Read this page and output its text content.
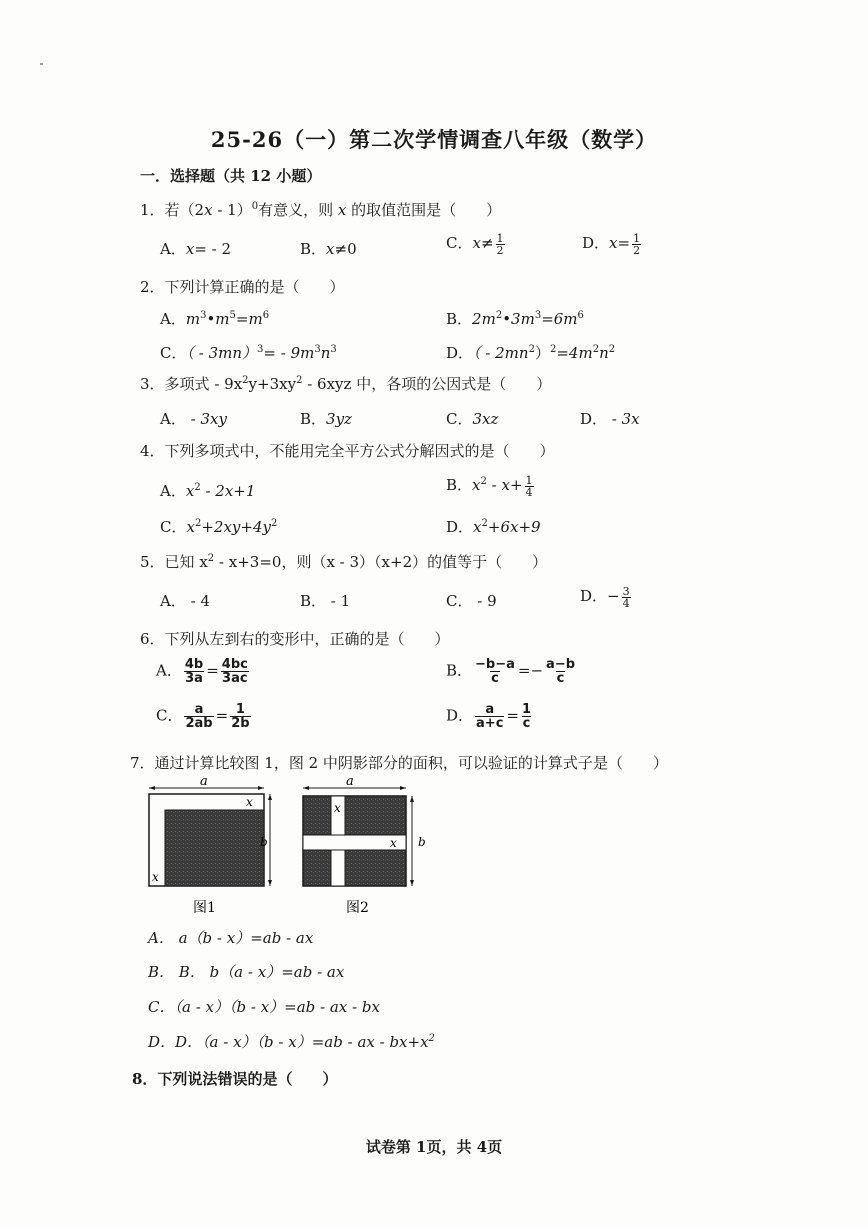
25-26（一）第二次学情调查八年级（数学）
一．选择题（共 12 小题）
1．若（2x - 1）$^0$有意义，则 x 的取值范围是（　　）
A．x= - 2	B．x≠0	C．$x\ne \frac{1}{2}$	D．$x= \frac{1}{2}$
2．下列计算正确的是（　　）
A．$m^3•m^5=m^6$	B．$2m^2•3m^3=6m^6$
C．（ - $3mn)^3= - 9m^3n^3$	D．（ - $2mn^2)^2=4m^2n^2$
3．多项式 - $9x^2y+3xy^2 - 6xyz$ 中，各项的公因式是（　　）
A． - 3xy	B．3yz	C．3xz	D． - 3x
4．下列多项式中，不能用完全平方公式分解因式的是（　　）
A．$x^2 - 2x+1$	B．$x^2 - x+ \frac{1}{4}$
C．$x^2+2xy+4y^2$	D．$x^2+6x+9$
5．已知 $x^2 - x+3=0$，则（x - 3）（x+2）的值等于（　　）
A． - 4	B． - 1	C． - 9	D．− $\frac{3}{4}$
6．下列从左到右的变形中，正确的是（　　）
A． $\frac{4b}{3a} = \frac{4bc}{3ac}$	B． $\frac{-b-a}{c} =- \frac{a-b}{c}$
C． $\frac{a}{2ab} = \frac{1}{2b}$	D． $\frac{a}{a+c} = \frac{1}{c}$
7．通过计算比较图 1，图 2 中阴影部分的面积，可以验证的计算式子是（　　）
a
x
x
b
图1
a
x
x b
图2
A． a（b - x）=ab - ax
B． B． b（a - x）=ab - ax
C．（a - x）（b - x）=ab - ax - bx
D．D．（a - x）（b - x）=ab - ax - $bx+x^2$
8．下列说法错误的是（　　）
试卷第 1页，共 4页
